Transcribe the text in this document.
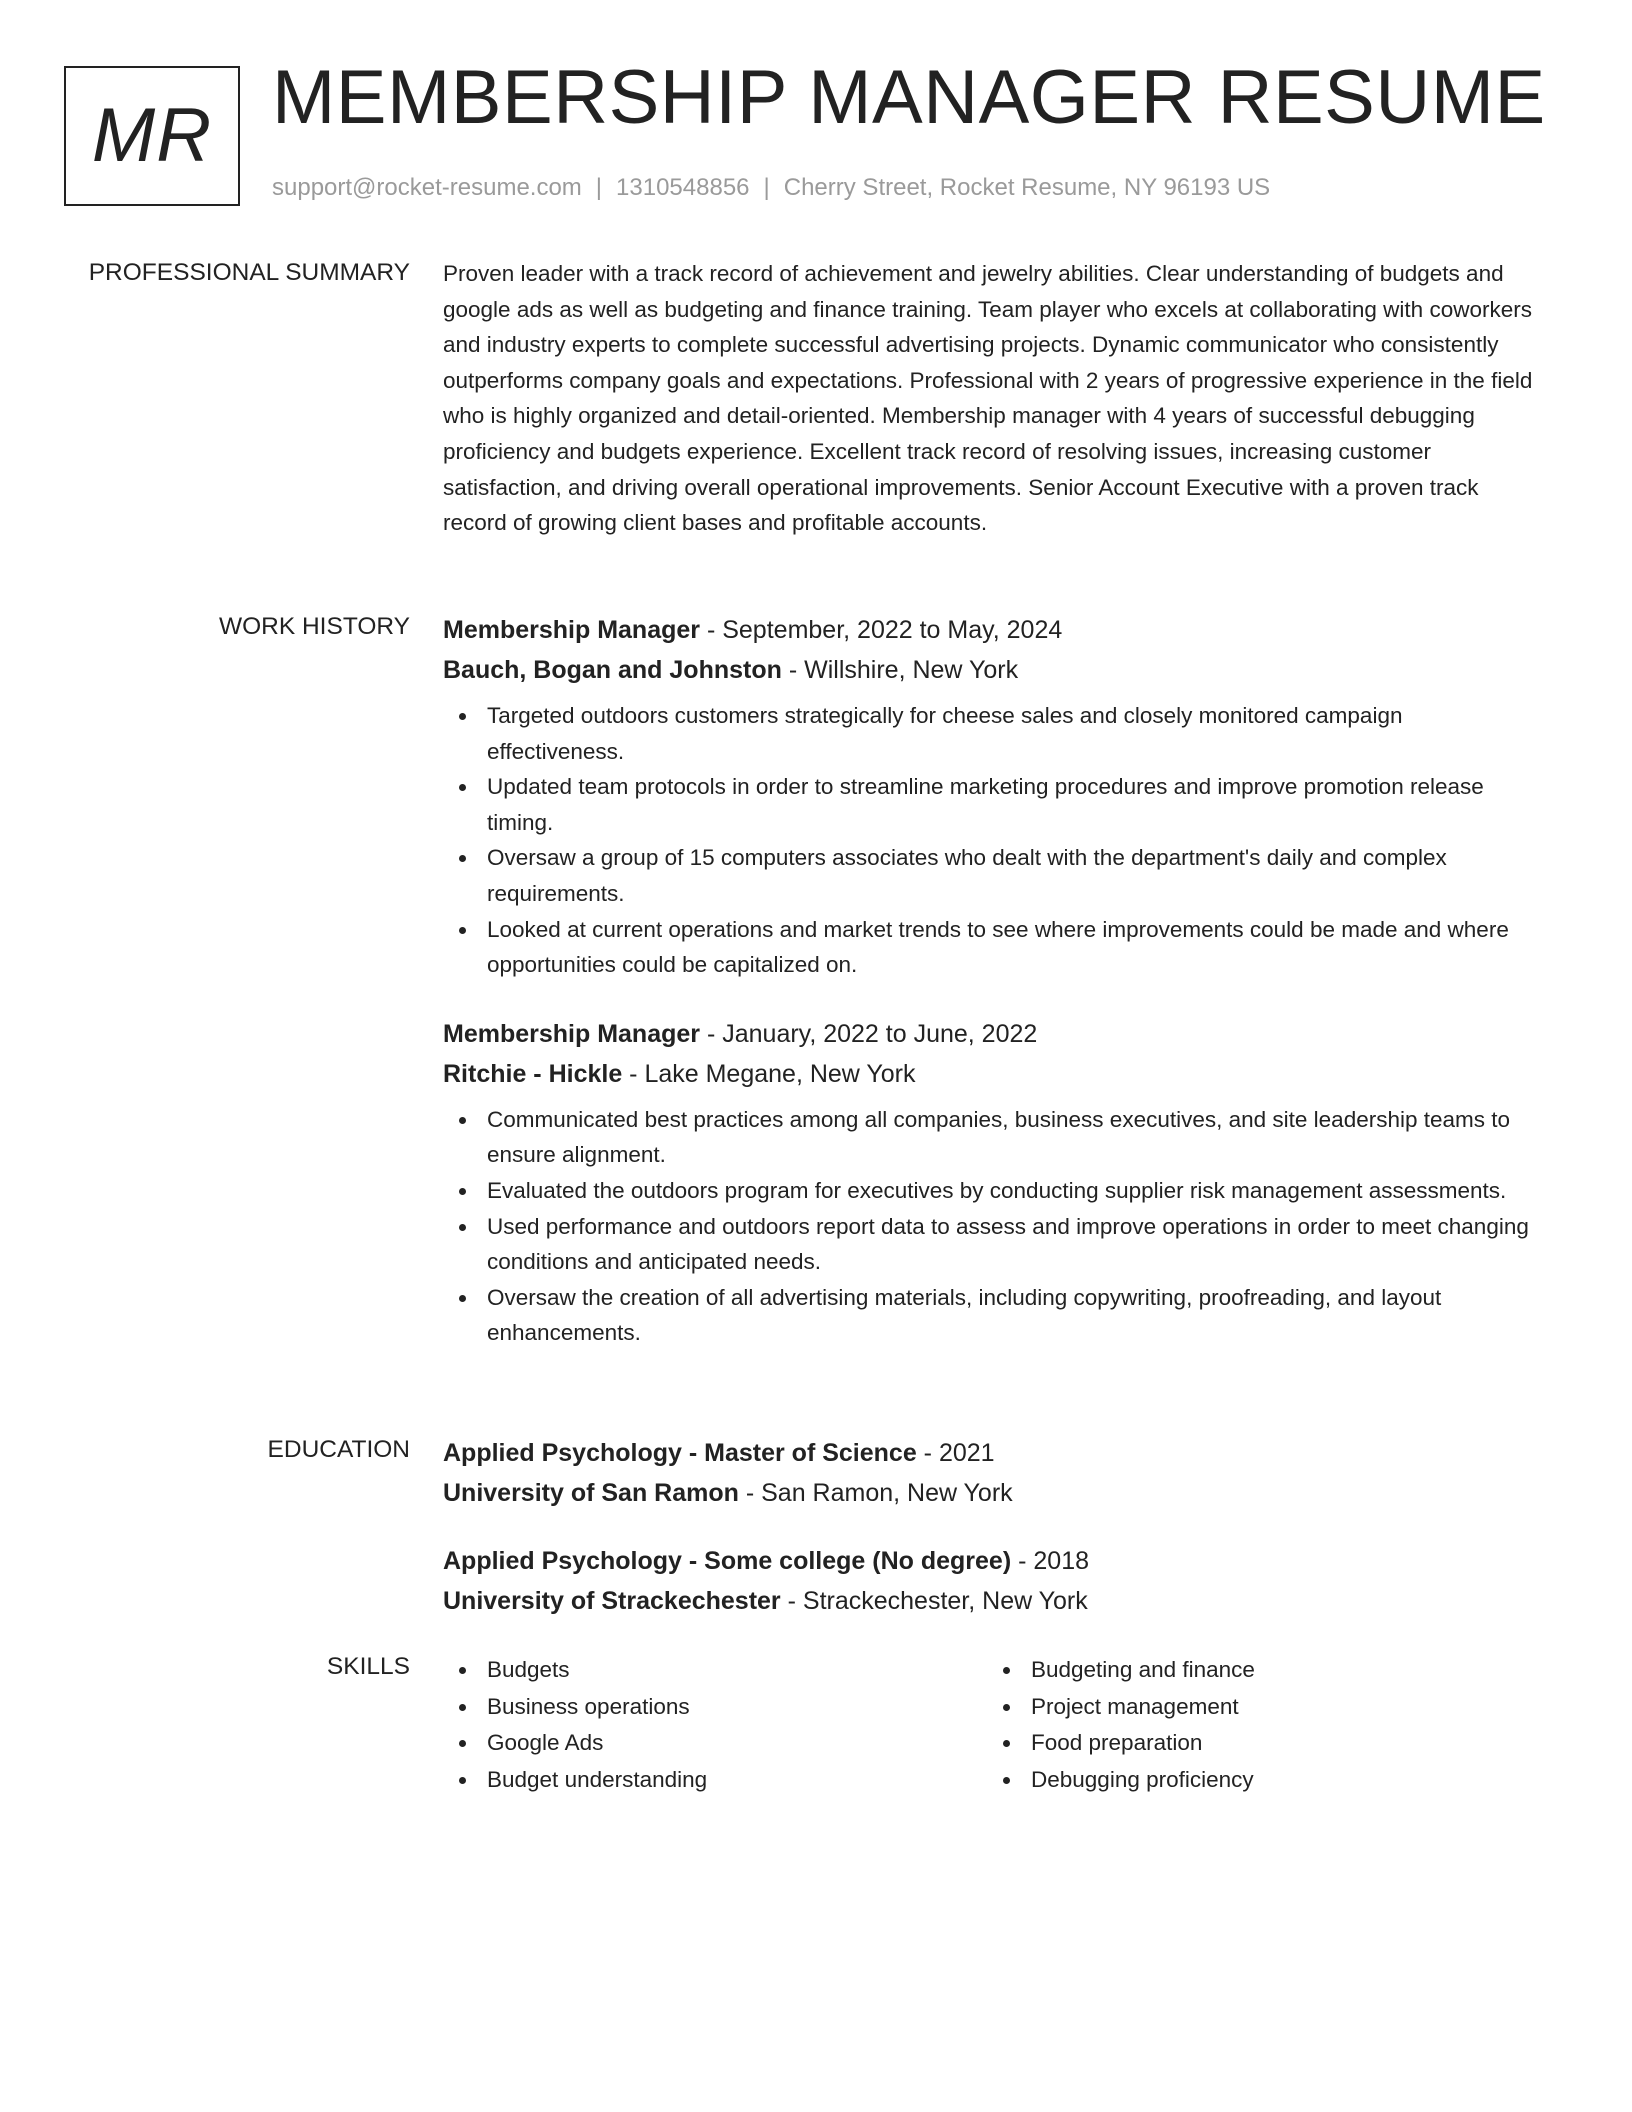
MR MEMBERSHIP MANAGER RESUME
support@rocket-resume.com | 1310548856 | Cherry Street, Rocket Resume, NY 96193 US
PROFESSIONAL SUMMARY Proven leader with a track record of achievement and jewelry abilities. Clear understanding of budgets and google ads as well as budgeting and finance training. Team player who excels at collaborating with coworkers and industry experts to complete successful advertising projects. Dynamic communicator who consistently outperforms company goals and expectations. Professional with 2 years of progressive experience in the field who is highly organized and detail-oriented. Membership manager with 4 years of successful debugging proficiency and budgets experience. Excellent track record of resolving issues, increasing customer satisfaction, and driving overall operational improvements. Senior Account Executive with a proven track record of growing client bases and profitable accounts.

WORK HISTORY Membership Manager - September, 2022 to May, 2024
Bauch, Bogan and Johnston - Willshire, New York
Targeted outdoors customers strategically for cheese sales and closely monitored campaign effectiveness.
Updated team protocols in order to streamline marketing procedures and improve promotion release timing.
Oversaw a group of 15 computers associates who dealt with the department's daily and complex requirements.
Looked at current operations and market trends to see where improvements could be made and where opportunities could be capitalized on.
Membership Manager - January, 2022 to June, 2022
Ritchie - Hickle - Lake Megane, New York
Communicated best practices among all companies, business executives, and site leadership teams to ensure alignment.
Evaluated the outdoors program for executives by conducting supplier risk management assessments.
Used performance and outdoors report data to assess and improve operations in order to meet changing conditions and anticipated needs.
Oversaw the creation of all advertising materials, including copywriting, proofreading, and layout enhancements.
EDUCATION Applied Psychology - Master of Science - 2021
University of San Ramon - San Ramon, New York
Applied Psychology - Some college (No degree) - 2018
University of Strackechester - Strackechester, New York
SKILLS	Budgets
Business operations
Google Ads
Budget understanding
Budgeting and finance
Project management
Food preparation
Debugging proficiency
